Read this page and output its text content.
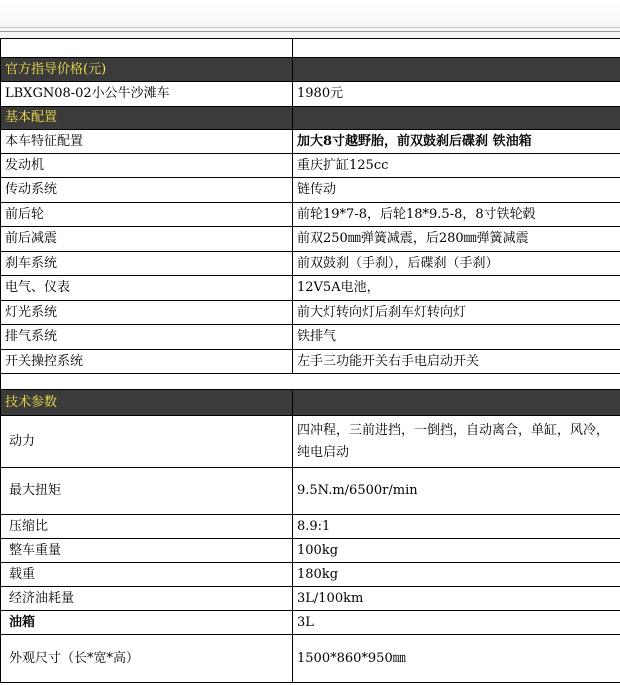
官方指导价格(元)	
LBXGN08-02小公牛沙滩车	1980元
基本配置	
本车特征配置	加大8寸越野胎，前双鼓刹后碟刹 铁油箱
发动机	重庆扩缸125cc
传动系统	链传动
前后轮	前轮19*7-8，后轮18*9.5-8，8寸铁轮毂
前后减震	前双250㎜弹簧减震，后280㎜弹簧减震
刹车系统	前双鼓刹（手刹），后碟刹（手刹）
电气、仪表	12V5A电池，
灯光系统	前大灯转向灯后刹车灯转向灯
排气系统	铁排气
开关操控系统	左手三功能开关右手电启动开关

技术参数	
动力	四冲程，三前进挡，一倒挡，自动离合，单缸，风冷，纯电启动
最大扭矩	9.5N.m/6500r/min
压缩比	8.9:1
整车重量	100kg
载重	180kg
经济油耗量	3L/100km
油箱	3L
外观尺寸（长*宽*高）	1500*860*950㎜
